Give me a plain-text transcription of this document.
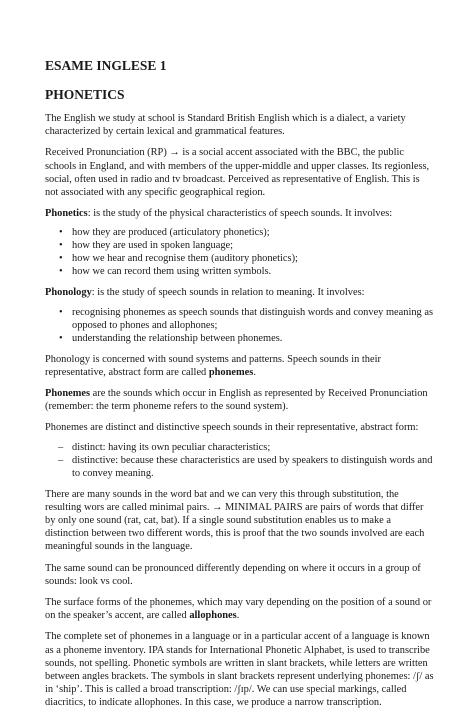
ESAME INGLESE 1
PHONETICS

The English we study at school is Standard British English which is a dialect, a variety characterized by certain lexical and grammatical features.

Received Pronunciation (RP) → is a social accent associated with the BBC, the public schools in England, and with members of the upper-middle and upper classes. Its regionless, social, often used in radio and tv broadcast. Perceived as representative of English. This is not associated with any specific geographical region.

Phonetics: is the study of the physical characteristics of speech sounds. It involves:

• how they are produced (articulatory phonetics);
• how they are used in spoken language;
• how we hear and recognise them (auditory phonetics);
• how we can record them using written symbols.

Phonology: is the study of speech sounds in relation to meaning. It involves:

• recognising phonemes as speech sounds that distinguish words and convey meaning as opposed to phones and allophones;
• understanding the relationship between phonemes.

Phonology is concerned with sound systems and patterns. Speech sounds in their representative, abstract form are called phonemes.

Phonemes are the sounds which occur in English as represented by Received Pronunciation (remember: the term phoneme refers to the sound system).

Phonemes are distinct and distinctive speech sounds in their representative, abstract form:

– distinct: having its own peculiar characteristics;
– distinctive: because these characteristics are used by speakers to distinguish words and to convey meaning.

There are many sounds in the word bat and we can very this through substitution, the resulting wors are called minimal pairs. → MINIMAL PAIRS are pairs of words that differ by only one sound (rat, cat, bat). If a single sound substitution enables us to make a distinction between two different words, this is proof that the two sounds involved are each meaningful sounds in the language.

The same sound can be pronounced differently depending on where it occurs in a group of sounds: look vs cool.

The surface forms of the phonemes, which may vary depending on the position of a sound or on the speaker’s accent, are called allophones.

The complete set of phonemes in a language or in a particular accent of a language is known as a phoneme inventory. IPA stands for International Phonetic Alphabet, is used to transcribe sounds, not spelling. Phonetic symbols are written in slant brackets, while letters are written between angles brackets. The symbols in slant brackets represent underlying phonemes: /ʃ/ as in ‘ship’. This is called a broad transcription: /ʃɪp/. We can use special markings, called diacritics, to indicate allophones. In this case, we produce a narrow transcription.
